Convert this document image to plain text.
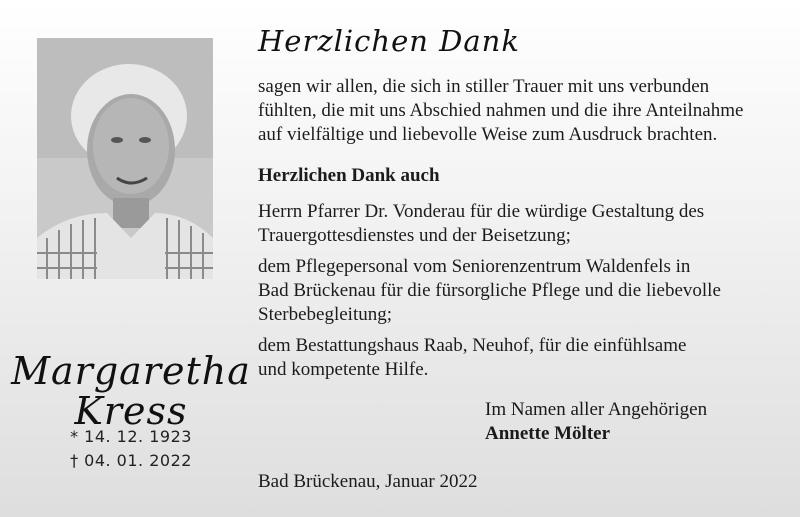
Margaretha
Kress
* 14. 12. 1923
† 04. 01. 2022
Herzlichen Dank
sagen wir allen, die sich in stiller Trauer mit uns verbunden
fühlten, die mit uns Abschied nahmen und die ihre Anteilnahme
auf vielfältige und liebevolle Weise zum Ausdruck brachten.
Herzlichen Dank auch
Herrn Pfarrer Dr. Vonderau für die würdige Gestaltung des
Trauergottesdienstes und der Beisetzung;
dem Pflegepersonal vom Seniorenzentrum Waldenfels in
Bad Brückenau für die fürsorgliche Pflege und die liebevolle
Sterbebegleitung;
dem Bestattungshaus Raab, Neuhof, für die einfühlsame
und kompetente Hilfe.
Im Namen aller Angehörigen
Annette Mölter
Bad Brückenau, Januar 2022
